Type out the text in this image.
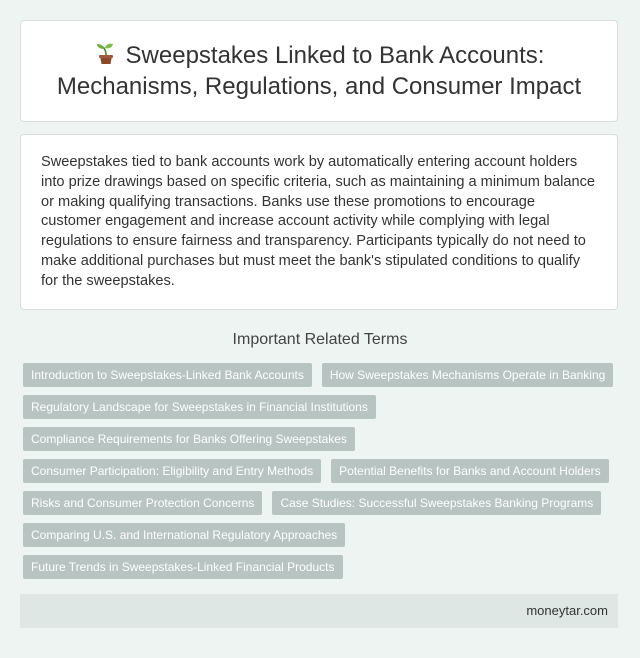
Sweepstakes Linked to Bank Accounts: Mechanisms, Regulations, and Consumer Impact

Sweepstakes tied to bank accounts work by automatically entering account holders into prize drawings based on specific criteria, such as maintaining a minimum balance or making qualifying transactions. Banks use these promotions to encourage customer engagement and increase account activity while complying with legal regulations to ensure fairness and transparency. Participants typically do not need to make additional purchases but must meet the bank's stipulated conditions to qualify for the sweepstakes.

Important Related Terms
Introduction to Sweepstakes-Linked Bank Accounts	How Sweepstakes Mechanisms Operate in Banking
Regulatory Landscape for Sweepstakes in Financial Institutions
Compliance Requirements for Banks Offering Sweepstakes
Consumer Participation: Eligibility and Entry Methods	Potential Benefits for Banks and Account Holders
Risks and Consumer Protection Concerns	Case Studies: Successful Sweepstakes Banking Programs
Comparing U.S. and International Regulatory Approaches
Future Trends in Sweepstakes-Linked Financial Products
moneytar.com
